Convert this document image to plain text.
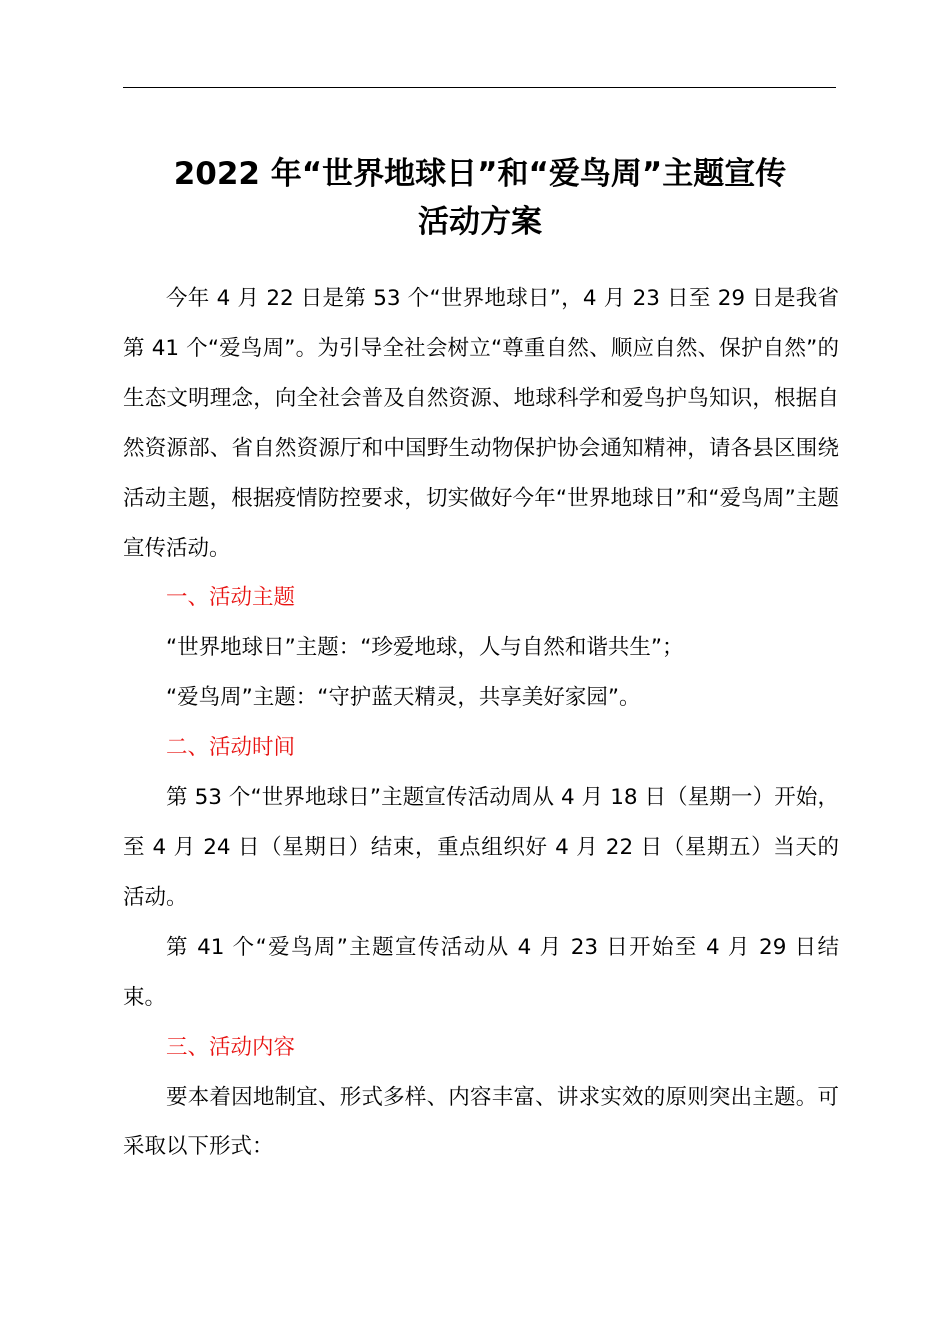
2022 年“世界地球日”和“爱鸟周”主题宣传
活动方案

今年 4 月 22 日是第 53 个“世界地球日”，4 月 23 日至 29 日是我省第 41 个“爱鸟周”。为引导全社会树立“尊重自然、顺应自然、保护自然”的生态文明理念，向全社会普及自然资源、地球科学和爱鸟护鸟知识，根据自然资源部、省自然资源厅和中国野生动物保护协会通知精神，请各县区围绕活动主题，根据疫情防控要求，切实做好今年“世界地球日”和“爱鸟周”主题宣传活动。

一、活动主题

“世界地球日”主题：“珍爱地球，人与自然和谐共生”；

“爱鸟周”主题：“守护蓝天精灵，共享美好家园”。

二、活动时间

第 53 个“世界地球日”主题宣传活动周从 4 月 18 日（星期一）开始，至 4 月 24 日（星期日）结束，重点组织好 4 月 22 日（星期五）当天的活动。

第 41 个“爱鸟周”主题宣传活动从 4 月 23 日开始至 4 月 29 日结束。

三、活动内容

要本着因地制宜、形式多样、内容丰富、讲求实效的原则突出主题。可采取以下形式：
